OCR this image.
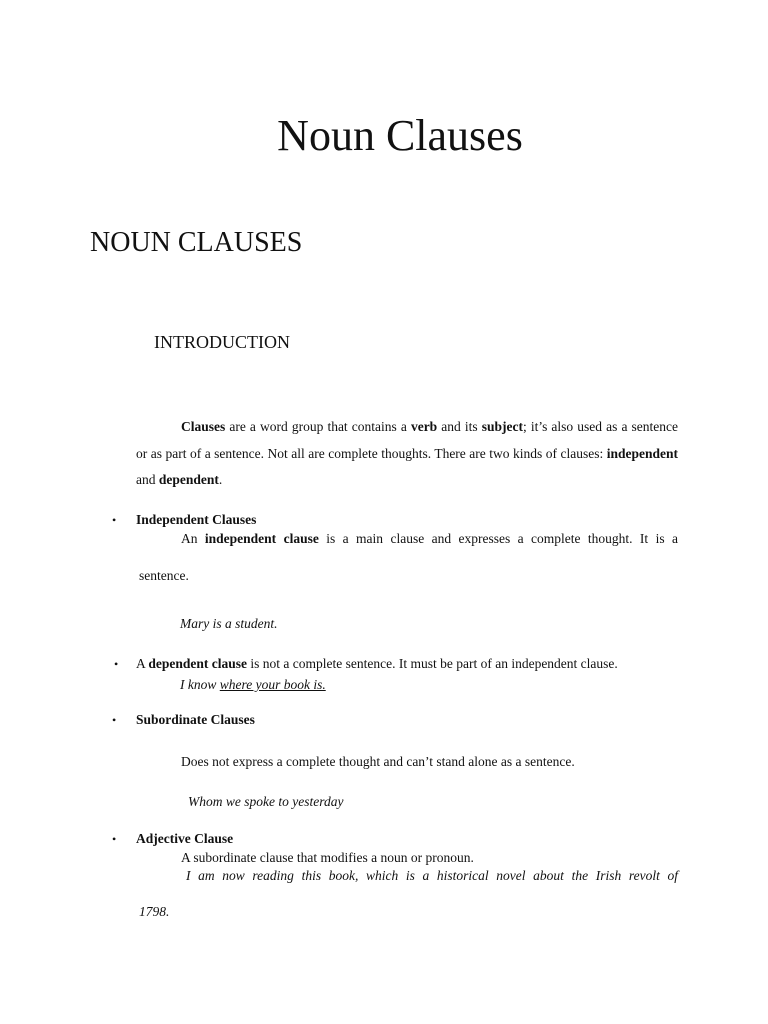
Noun Clauses
NOUN CLAUSES
INTRODUCTION
Clauses are a word group that contains a verb and its subject; it’s also used as a sentence or as part of a sentence. Not all are complete thoughts. There are two kinds of clauses: independent and dependent.
• Independent Clauses
An independent clause is a main clause and expresses a complete thought. It is a
sentence.
Mary is a student.
• A dependent clause is not a complete sentence. It must be part of an independent clause.
I know where your book is.
• Subordinate Clauses
Does not express a complete thought and can’t stand alone as a sentence.
Whom we spoke to yesterday
• Adjective Clause
A subordinate clause that modifies a noun or pronoun.
I am now reading this book, which is a historical novel about the Irish revolt of
1798.
